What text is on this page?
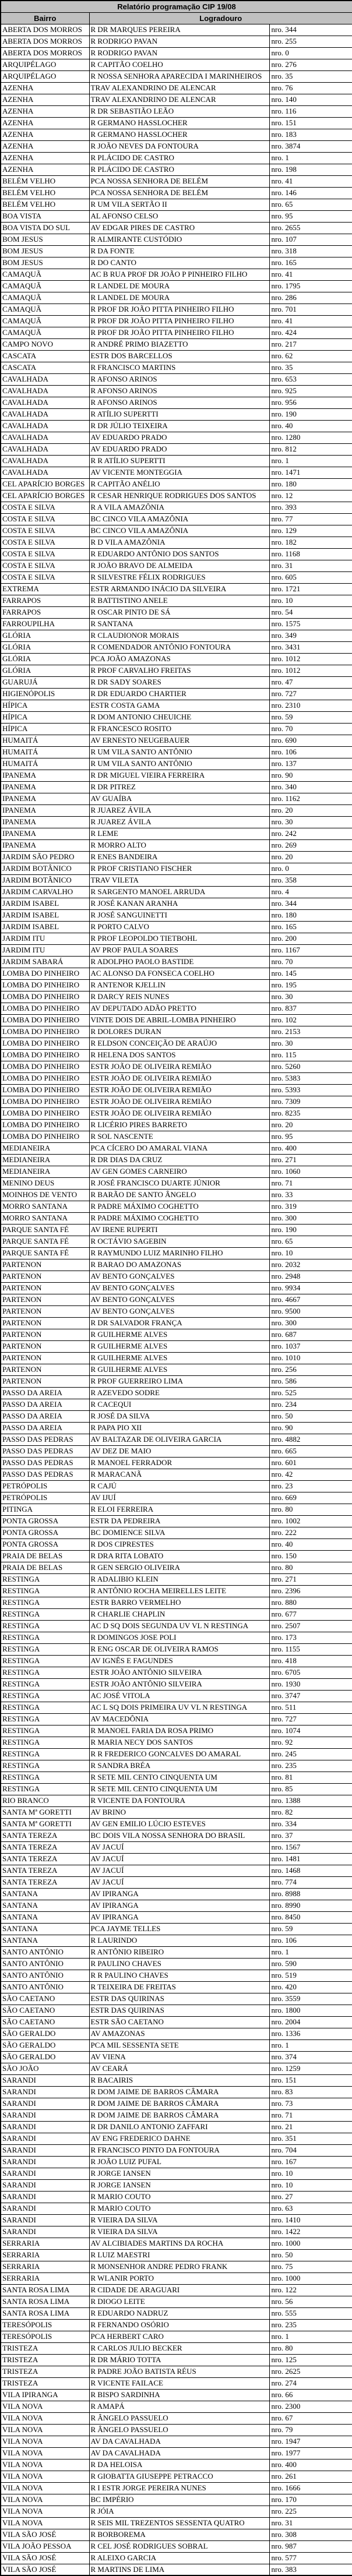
Relatório programação CIP 19/08		
Bairro	Logradouro	
ABERTA DOS MORROS	R DR MARQUES PEREIRA	nro. 344
ABERTA DOS MORROS	R RODRIGO PAVAN	nro. 255
ABERTA DOS MORROS	R RODRIGO PAVAN	nro. 0
ARQUIPÉLAGO	R CAPITÃO COELHO	nro. 276
ARQUIPÉLAGO	R NOSSA SENHORA APARECIDA I MARINHEIROS	nro. 35
AZENHA	TRAV ALEXANDRINO DE ALENCAR	nro. 76
AZENHA	TRAV ALEXANDRINO DE ALENCAR	nro. 140
AZENHA	R DR SEBASTIÃO LEÃO	nro. 116
AZENHA	R GERMANO HASSLOCHER	nro. 151
AZENHA	R GERMANO HASSLOCHER	nro. 183
AZENHA	R JOÃO NEVES DA FONTOURA	nro. 3874
AZENHA	R PLÁCIDO DE CASTRO	nro. 1
AZENHA	R PLÁCIDO DE CASTRO	nro. 198
BELÉM VELHO	PCA NOSSA SENHORA DE BELÉM	nro. 41
BELÉM VELHO	PCA NOSSA SENHORA DE BELÉM	nro. 146
BELÉM VELHO	R UM VILA SERTÃO II	nro. 65
BOA VISTA	AL AFONSO CELSO	nro. 95
BOA VISTA DO SUL	AV EDGAR PIRES DE CASTRO	nro. 2655
BOM JESUS	R ALMIRANTE CUSTÓDIO	nro. 107
BOM JESUS	R DA FONTE	nro. 318
BOM JESUS	R DO CANTO	nro. 165
CAMAQUÃ	AC B RUA PROF DR JOÃO P PINHEIRO FILHO	nro. 41
CAMAQUÃ	R LANDEL DE MOURA	nro. 1795
CAMAQUÃ	R LANDEL DE MOURA	nro. 286
CAMAQUÃ	R PROF DR JOÃO PITTA PINHEIRO FILHO	nro. 701
CAMAQUÃ	R PROF DR JOÃO PITTA PINHEIRO FILHO	nro. 41
CAMAQUÃ	R PROF DR JOÃO PITTA PINHEIRO FILHO	nro. 424
CAMPO NOVO	R ANDRÉ PRIMO BIAZETTO	nro. 217
CASCATA	ESTR DOS BARCELLOS	nro. 62
CASCATA	R FRANCISCO MARTINS	nro. 35
CAVALHADA	R AFONSO ARINOS	nro. 653
CAVALHADA	R AFONSO ARINOS	nro. 925
CAVALHADA	R AFONSO ARINOS	nro. 956
CAVALHADA	R ATÍLIO SUPERTTI	nro. 190
CAVALHADA	R DR JÚLIO TEIXEIRA	nro. 40
CAVALHADA	AV EDUARDO PRADO	nro. 1280
CAVALHADA	AV EDUARDO PRADO	nro. 812
CAVALHADA	R R ATÍLIO SUPERTTI	nro. 1
CAVALHADA	AV VICENTE MONTEGGIA	nro. 1471
CEL APARÍCIO BORGES	R CAPITÃO ANÉLIO	nro. 180
CEL APARÍCIO BORGES	R CESAR HENRIQUE RODRIGUES DOS SANTOS	nro. 12
COSTA E SILVA	R A VILA AMAZÔNIA	nro. 393
COSTA E SILVA	BC CINCO VILA AMAZÔNIA	nro. 77
COSTA E SILVA	BC CINCO VILA AMAZÔNIA	nro. 129
COSTA E SILVA	R D VILA AMAZÔNIA	nro. 182
COSTA E SILVA	R EDUARDO ANTÔNIO DOS SANTOS	nro. 1168
COSTA E SILVA	R JOÃO BRAVO DE ALMEIDA	nro. 31
COSTA E SILVA	R SILVESTRE FÉLIX RODRIGUES	nro. 605
EXTREMA	ESTR ARMANDO INÁCIO DA SILVEIRA	nro. 1721
FARRAPOS	R BATTISTINO ANELE	nro. 10
FARRAPOS	R OSCAR PINTO DE SÁ	nro. 54
FARROUPILHA	R SANTANA	nro. 1575
GLÓRIA	R CLAUDIONOR MORAIS	nro. 349
GLÓRIA	R COMENDADOR ANTÔNIO FONTOURA	nro. 3431
GLÓRIA	PCA JOÃO AMAZONAS	nro. 1012
GLÓRIA	R PROF CARVALHO FREITAS	nro. 1012
GUARUJÁ	R DR SADY SOARES	nro. 47
HIGIENÓPOLIS	R DR EDUARDO CHARTIER	nro. 727
HÍPICA	ESTR COSTA GAMA	nro. 2310
HÍPICA	R DOM ANTONIO CHEUICHE	nro. 59
HÍPICA	R FRANCESCO ROSITO	nro. 70
HUMAITÁ	AV ERNESTO NEUGEBAUER	nro. 690
HUMAITÁ	R UM VILA SANTO ANTÔNIO	nro. 106
HUMAITÁ	R UM VILA SANTO ANTÔNIO	nro. 137
IPANEMA	R DR MIGUEL VIEIRA FERREIRA	nro. 90
IPANEMA	R DR PITREZ	nro. 340
IPANEMA	AV GUAÍBA	nro. 1162
IPANEMA	R JUAREZ ÁVILA	nro. 20
IPANEMA	R JUAREZ ÁVILA	nro. 30
IPANEMA	R LEME	nro. 242
IPANEMA	R MORRO ALTO	nro. 269
JARDIM SÃO PEDRO	R ENES BANDEIRA	nro. 20
JARDIM BOTÂNICO	R PROF CRISTIANO FISCHER	nro. 0
JARDIM BOTÂNICO	TRAV VILETA	nro. 358
JARDIM CARVALHO	R SARGENTO MANOEL ARRUDA	nro. 4
JARDIM ISABEL	R JOSÉ KANAN ARANHA	nro. 344
JARDIM ISABEL	R JOSÉ SANGUINETTI	nro. 180
JARDIM ISABEL	R PORTO CALVO	nro. 165
JARDIM ITU	R PROF LEOPOLDO TIETBOHL	nro. 200
JARDIM ITU	AV PROF PAULA SOARES	nro. 1167
JARDIM SABARÁ	R ADOLPHO PAOLO BASTIDE	nro. 70
LOMBA DO PINHEIRO	AC ALONSO DA FONSECA COELHO	nro. 145
LOMBA DO PINHEIRO	R ANTENOR KJELLIN	nro. 195
LOMBA DO PINHEIRO	R DARCY REIS NUNES	nro. 30
LOMBA DO PINHEIRO	AV DEPUTADO ADÃO PRETTO	nro. 837
LOMBA DO PINHEIRO	VINTE DOIS DE ABRIL-LOMBA PINHEIRO	nro. 102
LOMBA DO PINHEIRO	R DOLORES DURAN	nro. 2153
LOMBA DO PINHEIRO	R ELDSON CONCEIÇÃO DE ARAÚJO	nro. 30
LOMBA DO PINHEIRO	R HELENA DOS SANTOS	nro. 115
LOMBA DO PINHEIRO	ESTR JOÃO DE OLIVEIRA REMIÃO	nro. 5260
LOMBA DO PINHEIRO	ESTR JOÃO DE OLIVEIRA REMIÃO	nro. 5383
LOMBA DO PINHEIRO	ESTR JOÃO DE OLIVEIRA REMIÃO	nro. 5393
LOMBA DO PINHEIRO	ESTR JOÃO DE OLIVEIRA REMIÃO	nro. 7309
LOMBA DO PINHEIRO	ESTR JOÃO DE OLIVEIRA REMIÃO	nro. 8235
LOMBA DO PINHEIRO	R LICÉRIO PIRES BARRETO	nro. 20
LOMBA DO PINHEIRO	R SOL NASCENTE	nro. 95
MEDIANEIRA	PCA CÍCERO DO AMARAL VIANA	nro. 400
MEDIANEIRA	R DR DIAS DA CRUZ	nro. 271
MEDIANEIRA	AV GEN GOMES CARNEIRO	nro. 1060
MENINO DEUS	R JOSÉ FRANCISCO DUARTE JÚNIOR	nro. 71
MOINHOS DE VENTO	R BARÃO DE SANTO ÂNGELO	nro. 33
MORRO SANTANA	R PADRE MÁXIMO COGHETTO	nro. 319
MORRO SANTANA	R PADRE MÁXIMO COGHETTO	nro. 300
PARQUE SANTA FÉ	AV IRENE RUPERTI	nro. 190
PARQUE SANTA FÉ	R OCTÁVIO SAGEBIN	nro. 65
PARQUE SANTA FÉ	R RAYMUNDO LUIZ MARINHO FILHO	nro. 10
PARTENON	R BARAO DO AMAZONAS	nro. 2032
PARTENON	AV BENTO GONÇALVES	nro. 2948
PARTENON	AV BENTO GONÇALVES	nro. 9934
PARTENON	AV BENTO GONÇALVES	nro. 4667
PARTENON	AV BENTO GONÇALVES	nro. 9500
PARTENON	R DR SALVADOR FRANÇA	nro. 300
PARTENON	R GUILHERME ALVES	nro. 687
PARTENON	R GUILHERME ALVES	nro. 1037
PARTENON	R GUILHERME ALVES	nro. 1010
PARTENON	R GUILHERME ALVES	nro. 256
PARTENON	R PROF GUERREIRO LIMA	nro. 586
PASSO DA AREIA	R AZEVEDO SODRE	nro. 525
PASSO DA AREIA	R CACEQUI	nro. 234
PASSO DA AREIA	R JOSÉ DA SILVA	nro. 50
PASSO DA AREIA	R PAPA PIO XII	nro. 90
PASSO DAS PEDRAS	AV BALTAZAR DE OLIVEIRA GARCIA	nro. 4882
PASSO DAS PEDRAS	AV DEZ DE MAIO	nro. 665
PASSO DAS PEDRAS	R MANOEL FERRADOR	nro. 601
PASSO DAS PEDRAS	R MARACANÃ	nro. 42
PETRÓPOLIS	R CAJÚ	nro. 23
PETRÓPOLIS	AV IJUÍ	nro. 669
PITINGA	R ELOI FERREIRA	nro. 80
PONTA GROSSA	ESTR DA PEDREIRA	nro. 1002
PONTA GROSSA	BC DOMIENCE SILVA	nro. 222
PONTA GROSSA	R DOS CIPRESTES	nro. 40
PRAIA DE BELAS	R DRA RITA LOBATO	nro. 150
PRAIA DE BELAS	R GEN SERGIO OLIVEIRA	nro. 80
RESTINGA	R ADALIBIO KLEIN	nro. 271
RESTINGA	R ANTÔNIO ROCHA MEIRELLES LEITE	nro. 2396
RESTINGA	ESTR BARRO VERMELHO	nro. 880
RESTINGA	R CHARLIE CHAPLIN	nro. 677
RESTINGA	AC D SQ DOIS SEGUNDA UV VL N RESTINGA	nro. 2507
RESTINGA	R DOMINGOS JOSE POLI	nro. 173
RESTINGA	R ENG OSCAR DE OLIVEIRA RAMOS	nro. 1155
RESTINGA	AV IGNÊS E FAGUNDES	nro. 418
RESTINGA	ESTR JOÃO ANTÔNIO SILVEIRA	nro. 6705
RESTINGA	ESTR JOÃO ANTÔNIO SILVEIRA	nro. 1930
RESTINGA	AC JOSÉ VITOLA	nro. 3747
RESTINGA	AC L SQ DOIS PRIMEIRA UV VL N RESTINGA	nro. 511
RESTINGA	AV MACEDÔNIA	nro. 727
RESTINGA	R MANOEL FARIA DA ROSA PRIMO	nro. 1074
RESTINGA	R MARIA NECY DOS SANTOS	nro. 92
RESTINGA	R R FREDERICO GONCALVES DO AMARAL	nro. 245
RESTINGA	R SANDRA BRÉA	nro. 235
RESTINGA	R SETE MIL CENTO CINQUENTA UM	nro. 81
RESTINGA	R SETE MIL CENTO CINQUENTA UM	nro. 85
RIO BRANCO	R VICENTE DA FONTOURA	nro. 1388
SANTA Mª GORETTI	AV BRINO	nro. 82
SANTA Mª GORETTI	AV GEN EMILIO LÚCIO ESTEVES	nro. 334
SANTA TEREZA	BC DOIS VILA NOSSA SENHORA DO BRASIL	nro. 37
SANTA TEREZA	AV JACUÍ	nro. 1567
SANTA TEREZA	AV JACUÍ	nro. 1481
SANTA TEREZA	AV JACUÍ	nro. 1468
SANTA TEREZA	AV JACUÍ	nro. 774
SANTANA	AV IPIRANGA	nro. 8988
SANTANA	AV IPIRANGA	nro. 8990
SANTANA	AV IPIRANGA	nro. 8450
SANTANA	PCA JAYME TELLES	nro. 59
SANTANA	R LAURINDO	nro. 106
SANTO ANTÔNIO	R ANTÔNIO RIBEIRO	nro. 1
SANTO ANTÔNIO	R PAULINO CHAVES	nro. 590
SANTO ANTÔNIO	R R PAULINO CHAVES	nro. 519
SANTO ANTÔNIO	R TEIXEIRA DE FREITAS	nro. 420
SÃO CAETANO	ESTR DAS QUIRINAS	nro. 3559
SÃO CAETANO	ESTR DAS QUIRINAS	nro. 1800
SÃO CAETANO	ESTR SÃO CAETANO	nro. 2004
SÃO GERALDO	AV AMAZONAS	nro. 1336
SÃO GERALDO	PCA MIL SESSENTA SETE	nro. 1
SÃO GERALDO	AV VIENA	nro. 374
SÃO JOÃO	AV CEARÁ	nro. 1259
SARANDI	R BACAIRIS	nro. 151
SARANDI	R DOM JAIME DE BARROS CÂMARA	nro. 83
SARANDI	R DOM JAIME DE BARROS CÂMARA	nro. 73
SARANDI	R DOM JAIME DE BARROS CÂMARA	nro. 71
SARANDI	R DR DANILO ANTONIO ZAFFARI	nro. 21
SARANDI	AV ENG FREDERICO DAHNE	nro. 351
SARANDI	R FRANCISCO PINTO DA FONTOURA	nro. 704
SARANDI	R JOÃO LUIZ PUFAL	nro. 167
SARANDI	R JORGE IANSEN	nro. 10
SARANDI	R JORGE IANSEN	nro. 10
SARANDI	R MARIO COUTO	nro. 27
SARANDI	R MARIO COUTO	nro. 63
SARANDI	R VIEIRA DA SILVA	nro. 1410
SARANDI	R VIEIRA DA SILVA	nro. 1422
SERRARIA	AV ALCIBIADES MARTINS DA ROCHA	nro. 1000
SERRARIA	R LUIZ MAESTRI	nro. 50
SERRARIA	R MONSENHOR ANDRE PEDRO FRANK	nro. 75
SERRARIA	R WLANIR PORTO	nro. 1000
SANTA ROSA LIMA	R CIDADE DE ARAGUARI	nro. 122
SANTA ROSA LIMA	R DIOGO LEITE	nro. 56
SANTA ROSA LIMA	R EDUARDO NADRUZ	nro. 555
TERESÓPOLIS	R FERNANDO OSÓRIO	nro. 235
TERESÓPOLIS	PCA HERBERT CARO	nro. 1
TRISTEZA	R CARLOS JULIO BECKER	nro. 80
TRISTEZA	R DR MÁRIO TOTTA	nro. 125
TRISTEZA	R PADRE JOÃO BATISTA RÉUS	nro. 2625
TRISTEZA	R VICENTE FAILACE	nro. 274
VILA IPIRANGA	R BISPO SARDINHA	nro. 66
VILA NOVA	R AMAPÁ	nro. 2300
VILA NOVA	R ÂNGELO PASSUELO	nro. 67
VILA NOVA	R ÂNGELO PASSUELO	nro. 79
VILA NOVA	AV DA CAVALHADA	nro. 1947
VILA NOVA	AV DA CAVALHADA	nro. 1977
VILA NOVA	R DA HELOISA	nro. 400
VILA NOVA	R GIOBATTA GIUSEPPE PETRACCO	nro. 261
VILA NOVA	R I ESTR JORGE PEREIRA NUNES	nro. 1666
VILA NOVA	BC IMPÉRIO	nro. 170
VILA NOVA	R JÓIA	nro. 225
VILA NOVA	R SEIS MIL TREZENTOS SESSENTA QUATRO	nro. 31
VILA SÃO JOSÉ	R BORBOREMA	nro. 308
VILA JOÃO PESSOA	R CEL JOSÉ RODRIGUES SOBRAL	nro. 987
VILA SÃO JOSÉ	R ALEIXO GARCIA	nro. 577
VILA SÃO JOSÉ	R MARTINS DE LIMA	nro. 383
